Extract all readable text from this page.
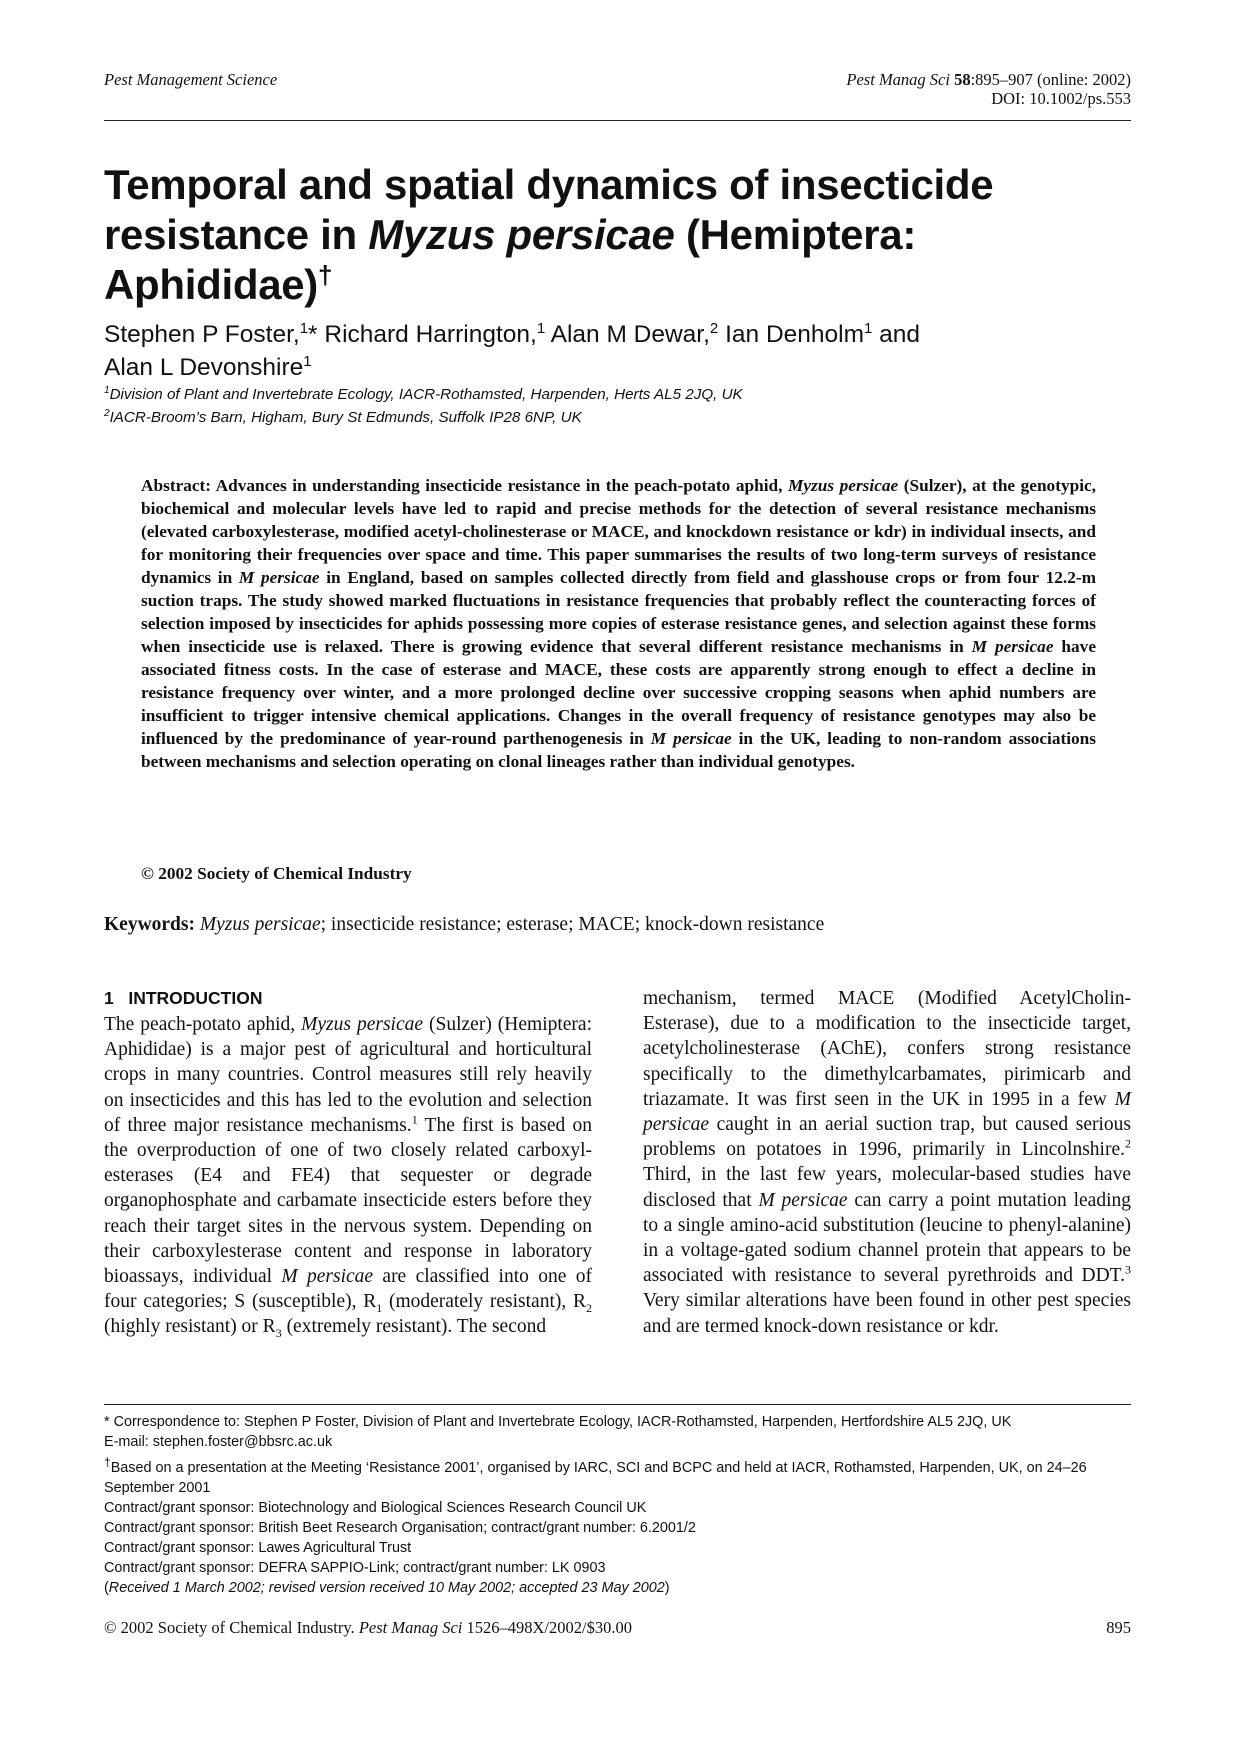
Pest Management Science	Pest Manag Sci 58:895–907 (online: 2002)
DOI: 10.1002/ps.553
Temporal and spatial dynamics of insecticide resistance in Myzus persicae (Hemiptera: Aphididae)†
Stephen P Foster,$^1$* Richard Harrington,$^1$ Alan M Dewar,$^2$ Ian Denholm$^1$ and
Alan L Devonshire$^1$
$^1$Division of Plant and Invertebrate Ecology, IACR-Rothamsted, Harpenden, Herts AL5 2JQ, UK
$^2$IACR-Broom’s Barn, Higham, Bury St Edmunds, Suffolk IP28 6NP, UK
Abstract: Advances in understanding insecticide resistance in the peach-potato aphid, Myzus persicae (Sulzer), at the genotypic, biochemical and molecular levels have led to rapid and precise methods for the detection of several resistance mechanisms (elevated carboxylesterase, modified acetyl-cholinesterase or MACE, and knockdown resistance or kdr) in individual insects, and for monitoring their frequencies over space and time. This paper summarises the results of two long-term surveys of resistance dynamics in M persicae in England, based on samples collected directly from field and glasshouse crops or from four 12.2-m suction traps. The study showed marked fluctuations in resistance frequencies that probably reflect the counteracting forces of selection imposed by insecticides for aphids possessing more copies of esterase resistance genes, and selection against these forms when insecticide use is relaxed. There is growing evidence that several different resistance mechanisms in M persicae have associated fitness costs. In the case of esterase and MACE, these costs are apparently strong enough to effect a decline in resistance frequency over winter, and a more prolonged decline over successive cropping seasons when aphid numbers are insufficient to trigger intensive chemical applications. Changes in the overall frequency of resistance genotypes may also be influenced by the predominance of year-round parthenogenesis in M persicae in the UK, leading to non-random associations between mechanisms and selection operating on clonal lineages rather than individual genotypes.
© 2002 Society of Chemical Industry
Keywords: Myzus persicae; insecticide resistance; esterase; MACE; knock-down resistance
1 INTRODUCTION
The peach-potato aphid, Myzus persicae (Sulzer) (Hemiptera: Aphididae) is a major pest of agricultural and horticultural crops in many countries. Control measures still rely heavily on insecticides and this has led to the evolution and selection of three major resistance mechanisms.$^1$ The first is based on the overproduction of one of two closely related carboxyl-esterases (E4 and FE4) that sequester or degrade organophosphate and carbamate insecticide esters before they reach their target sites in the nervous system. Depending on their carboxylesterase content and response in laboratory bioassays, individual M persicae are classified into one of four categories; S (susceptible), $R_1$ (moderately resistant), $R_2$ (highly resistant) or $R_3$ (extremely resistant). The second
mechanism, termed MACE (Modified AcetylCholin-Esterase), due to a modification to the insecticide target, acetylcholinesterase (AChE), confers strong resistance specifically to the dimethylcarbamates, pirimicarb and triazamate. It was first seen in the UK in 1995 in a few M persicae caught in an aerial suction trap, but caused serious problems on potatoes in 1996, primarily in Lincolnshire.$^2$ Third, in the last few years, molecular-based studies have disclosed that M persicae can carry a point mutation leading to a single amino-acid substitution (leucine to phenyl-alanine) in a voltage-gated sodium channel protein that appears to be associated with resistance to several pyrethroids and DDT.$^3$ Very similar alterations have been found in other pest species and are termed knock-down resistance or kdr.
* Correspondence to: Stephen P Foster, Division of Plant and Invertebrate Ecology, IACR-Rothamsted, Harpenden, Hertfordshire AL5 2JQ, UK
E-mail: stephen.foster@bbsrc.ac.uk
†Based on a presentation at the Meeting ‘Resistance 2001’, organised by IARC, SCI and BCPC and held at IACR, Rothamsted, Harpenden, UK, on 24–26 September 2001
Contract/grant sponsor: Biotechnology and Biological Sciences Research Council UK
Contract/grant sponsor: British Beet Research Organisation; contract/grant number: 6.2001/2
Contract/grant sponsor: Lawes Agricultural Trust
Contract/grant sponsor: DEFRA SAPPIO-Link; contract/grant number: LK 0903
(Received 1 March 2002; revised version received 10 May 2002; accepted 23 May 2002)
© 2002 Society of Chemical Industry. Pest Manag Sci 1526–498X/2002/$30.00	895
